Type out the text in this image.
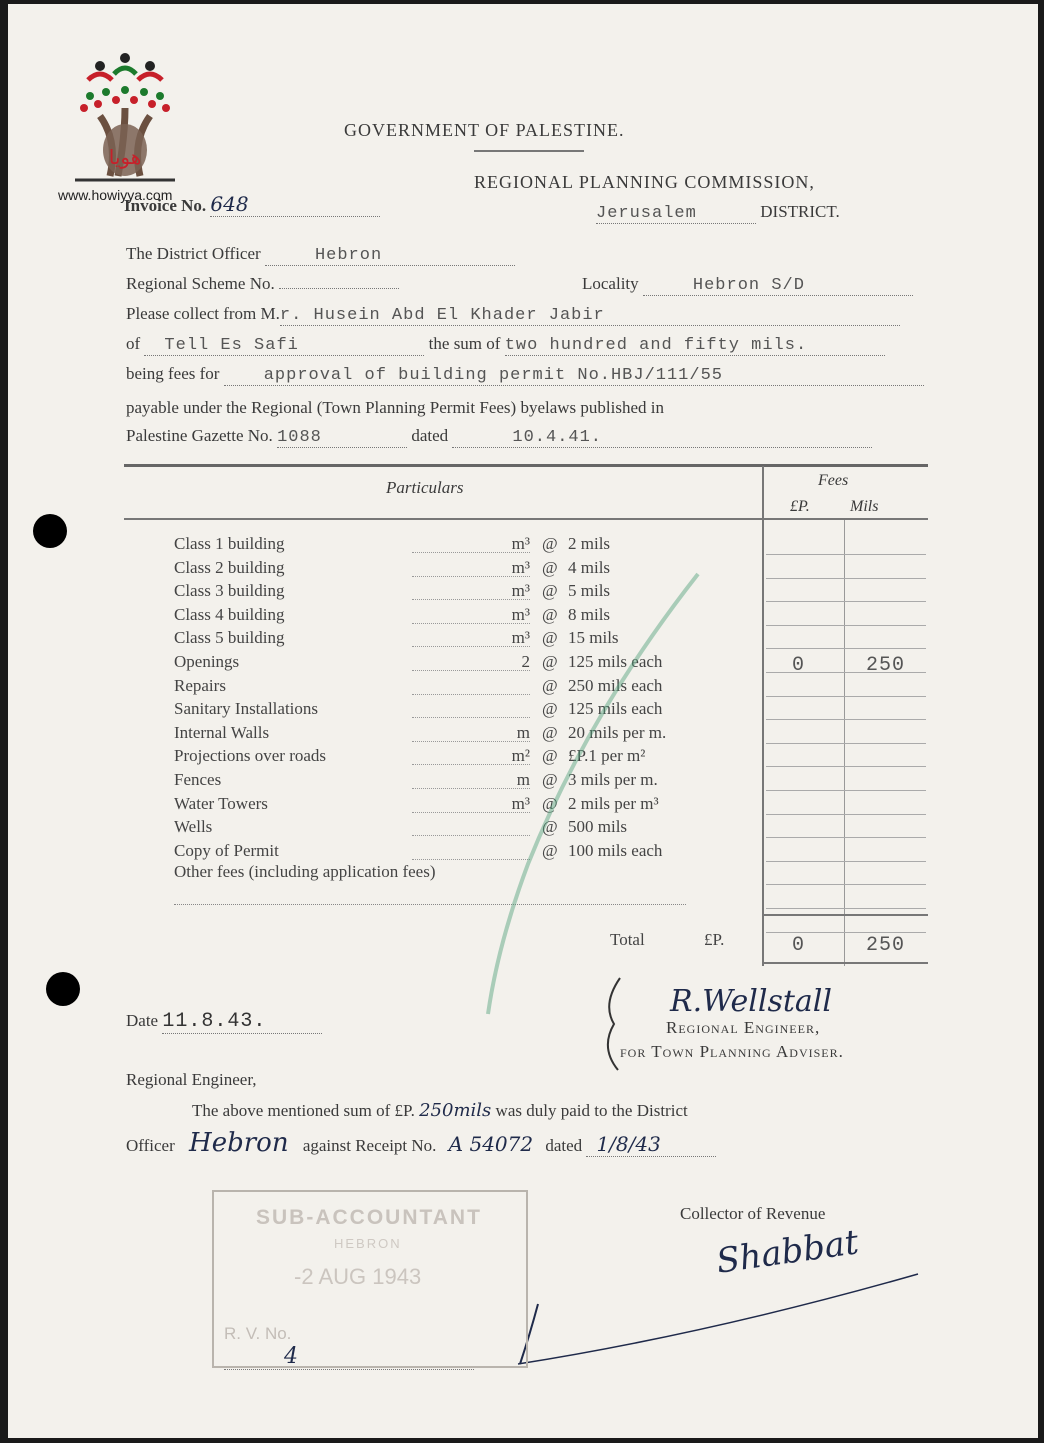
هويا
www.howiyya.com
GOVERNMENT OF PALESTINE.
REGIONAL PLANNING COMMISSION,
Jerusalem	DISTRICT.
Invoice No. 648
The District Officer	Hebron
Regional Scheme No.	Locality	Hebron S/D
Please collect from M.r. Husein Abd El Khader Jabir
of Tell Es Safi	the sum of two hundred and fifty mils.
being fees for	approval of building permit No.HBJ/111/55
payable under the Regional (Town Planning Permit Fees) byelaws published in
Palestine Gazette No. 1088	dated	10.4.41.
Particulars	Fees
£P.	Mils
Class 1 building	m³ @ 2 mils
Class 2 building	m³ @ 4 mils
Class 3 building	m³ @ 5 mils
Class 4 building	m³ @ 8 mils
Class 5 building	m³ @ 15 mils
Openings	2 @ 125 mils each	0	250
Repairs	@ 250 mils each
Sanitary Installations	@ 125 mils each
Internal Walls	m @ 20 mils per m.
Projections over roads	m² @ £P.1 per m²
Fences	m @ 3 mils per m.
Water Towers	m³ @ 2 mils per m³
Wells	@ 500 mils
Copy of Permit	@ 100 mils each
Other fees (including application fees)
Total	£P.	0	250
Date 11.8.43.
R.Wellstall
Regional Engineer,
for Town Planning Adviser.
Regional Engineer,
The above mentioned sum of £P. 250mils was duly paid to the District
Officer Hebron against Receipt No. A 54072 dated 1/8/43
Collector of Revenue
Shabbat
SUB-ACCOUNTANT
HEBRON
-2 AUG 1943
R. V. No. 4
